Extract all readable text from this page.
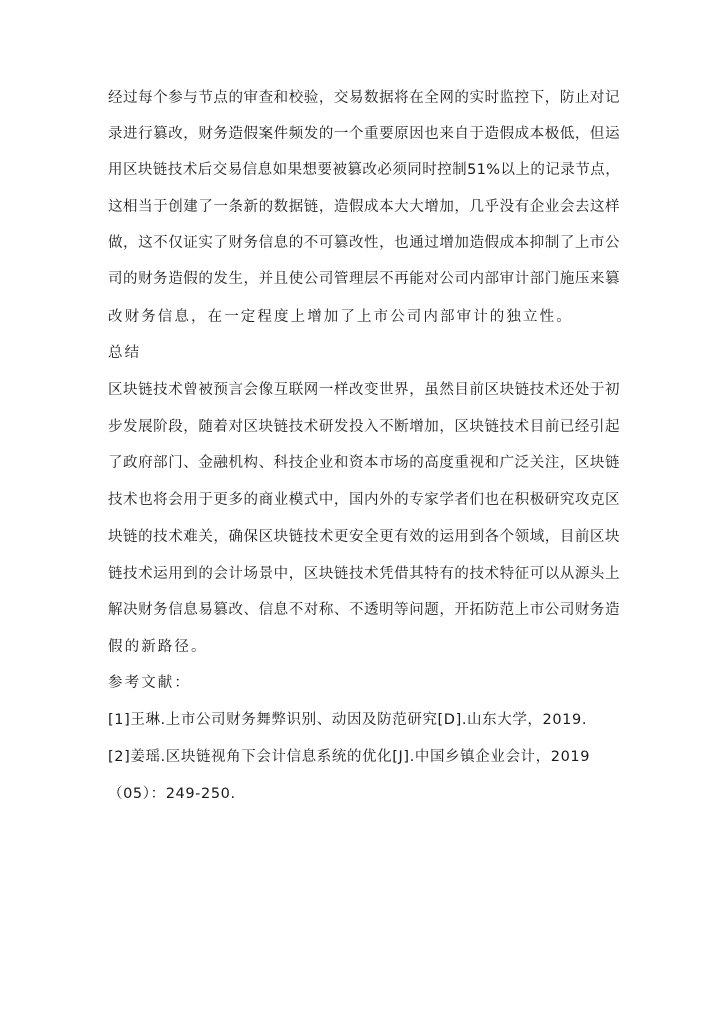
经过每个参与节点的审查和校验，交易数据将在全网的实时监控下，防止对记
录进行篡改，财务造假案件频发的一个重要原因也来自于造假成本极低，但运
用区块链技术后交易信息如果想要被篡改必须同时控制51%以上的记录节点，
这相当于创建了一条新的数据链，造假成本大大增加，几乎没有企业会去这样
做，这不仅证实了财务信息的不可篡改性，也通过增加造假成本抑制了上市公
司的财务造假的发生，并且使公司管理层不再能对公司内部审计部门施压来篡
改财务信息，在一定程度上增加了上市公司内部审计的独立性。
总结
区块链技术曾被预言会像互联网一样改变世界，虽然目前区块链技术还处于初
步发展阶段，随着对区块链技术研发投入不断增加，区块链技术目前已经引起
了政府部门、金融机构、科技企业和资本市场的高度重视和广泛关注，区块链
技术也将会用于更多的商业模式中，国内外的专家学者们也在积极研究攻克区
块链的技术难关，确保区块链技术更安全更有效的运用到各个领域，目前区块
链技术运用到的会计场景中，区块链技术凭借其特有的技术特征可以从源头上
解决财务信息易篡改、信息不对称、不透明等问题，开拓防范上市公司财务造
假的新路径。
参考文献：
[1]王琳.上市公司财务舞弊识别、动因及防范研究[D].山东大学，2019.
[2]姜瑶.区块链视角下会计信息系统的优化[J].中国乡镇企业会计，2019
（05）：249-250.
